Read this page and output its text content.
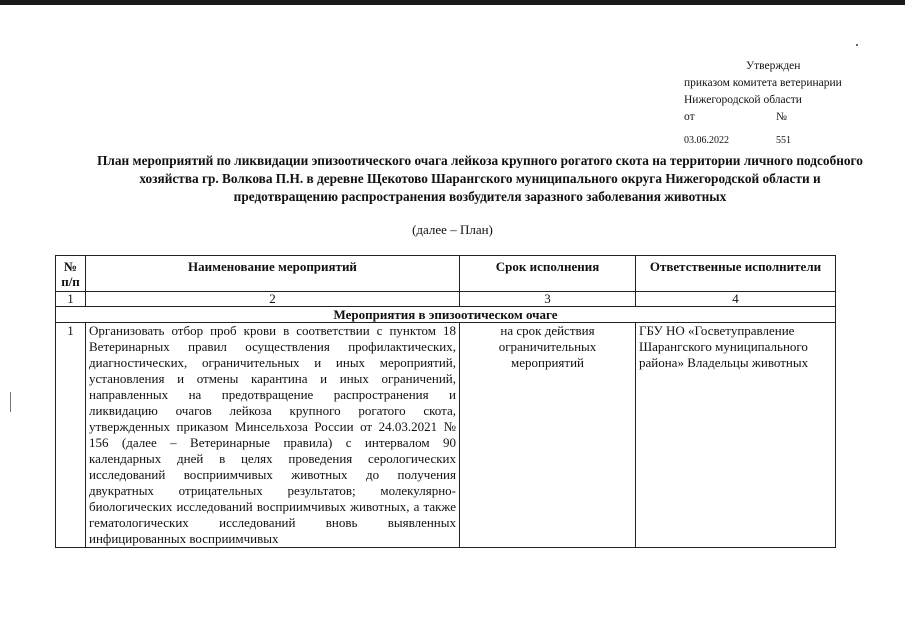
Утвержден
приказом комитета ветеринарии
Нижегородской области
от	№
03.06.2022	551
План мероприятий по ликвидации эпизоотического очага лейкоза крупного рогатого скота на территории личного подсобного хозяйства гр. Волкова П.Н. в деревне Щекотово Шарангского муниципального округа Нижегородской области и предотвращению распространения возбудителя заразного заболевания животных
(далее – План)
№ п/п	Наименование мероприятий	Срок исполнения	Ответственные исполнители
1	2	3	4
Мероприятия в эпизоотическом очаге			
1	Организовать отбор проб крови в соответствии с пунктом 18 Ветеринарных правил осуществления профилактических, диагностических, ограничительных и иных мероприятий, установления и отмены карантина и иных ограничений, направленных на предотвращение распространения и ликвидацию очагов лейкоза крупного рогатого скота, утвержденных приказом Минсельхоза России от 24.03.2021 № 156 (далее – Ветеринарные правила) с интервалом 90 календарных дней в целях проведения серологических исследований восприимчивых животных до получения двукратных отрицательных результатов; молекулярно-биологических исследований восприимчивых животных, а также гематологических исследований вновь выявленных инфицированных восприимчивых	на срок действия ограничительных мероприятий	ГБУ НО «Госветуправление Шарангского муниципального района» Владельцы животных
